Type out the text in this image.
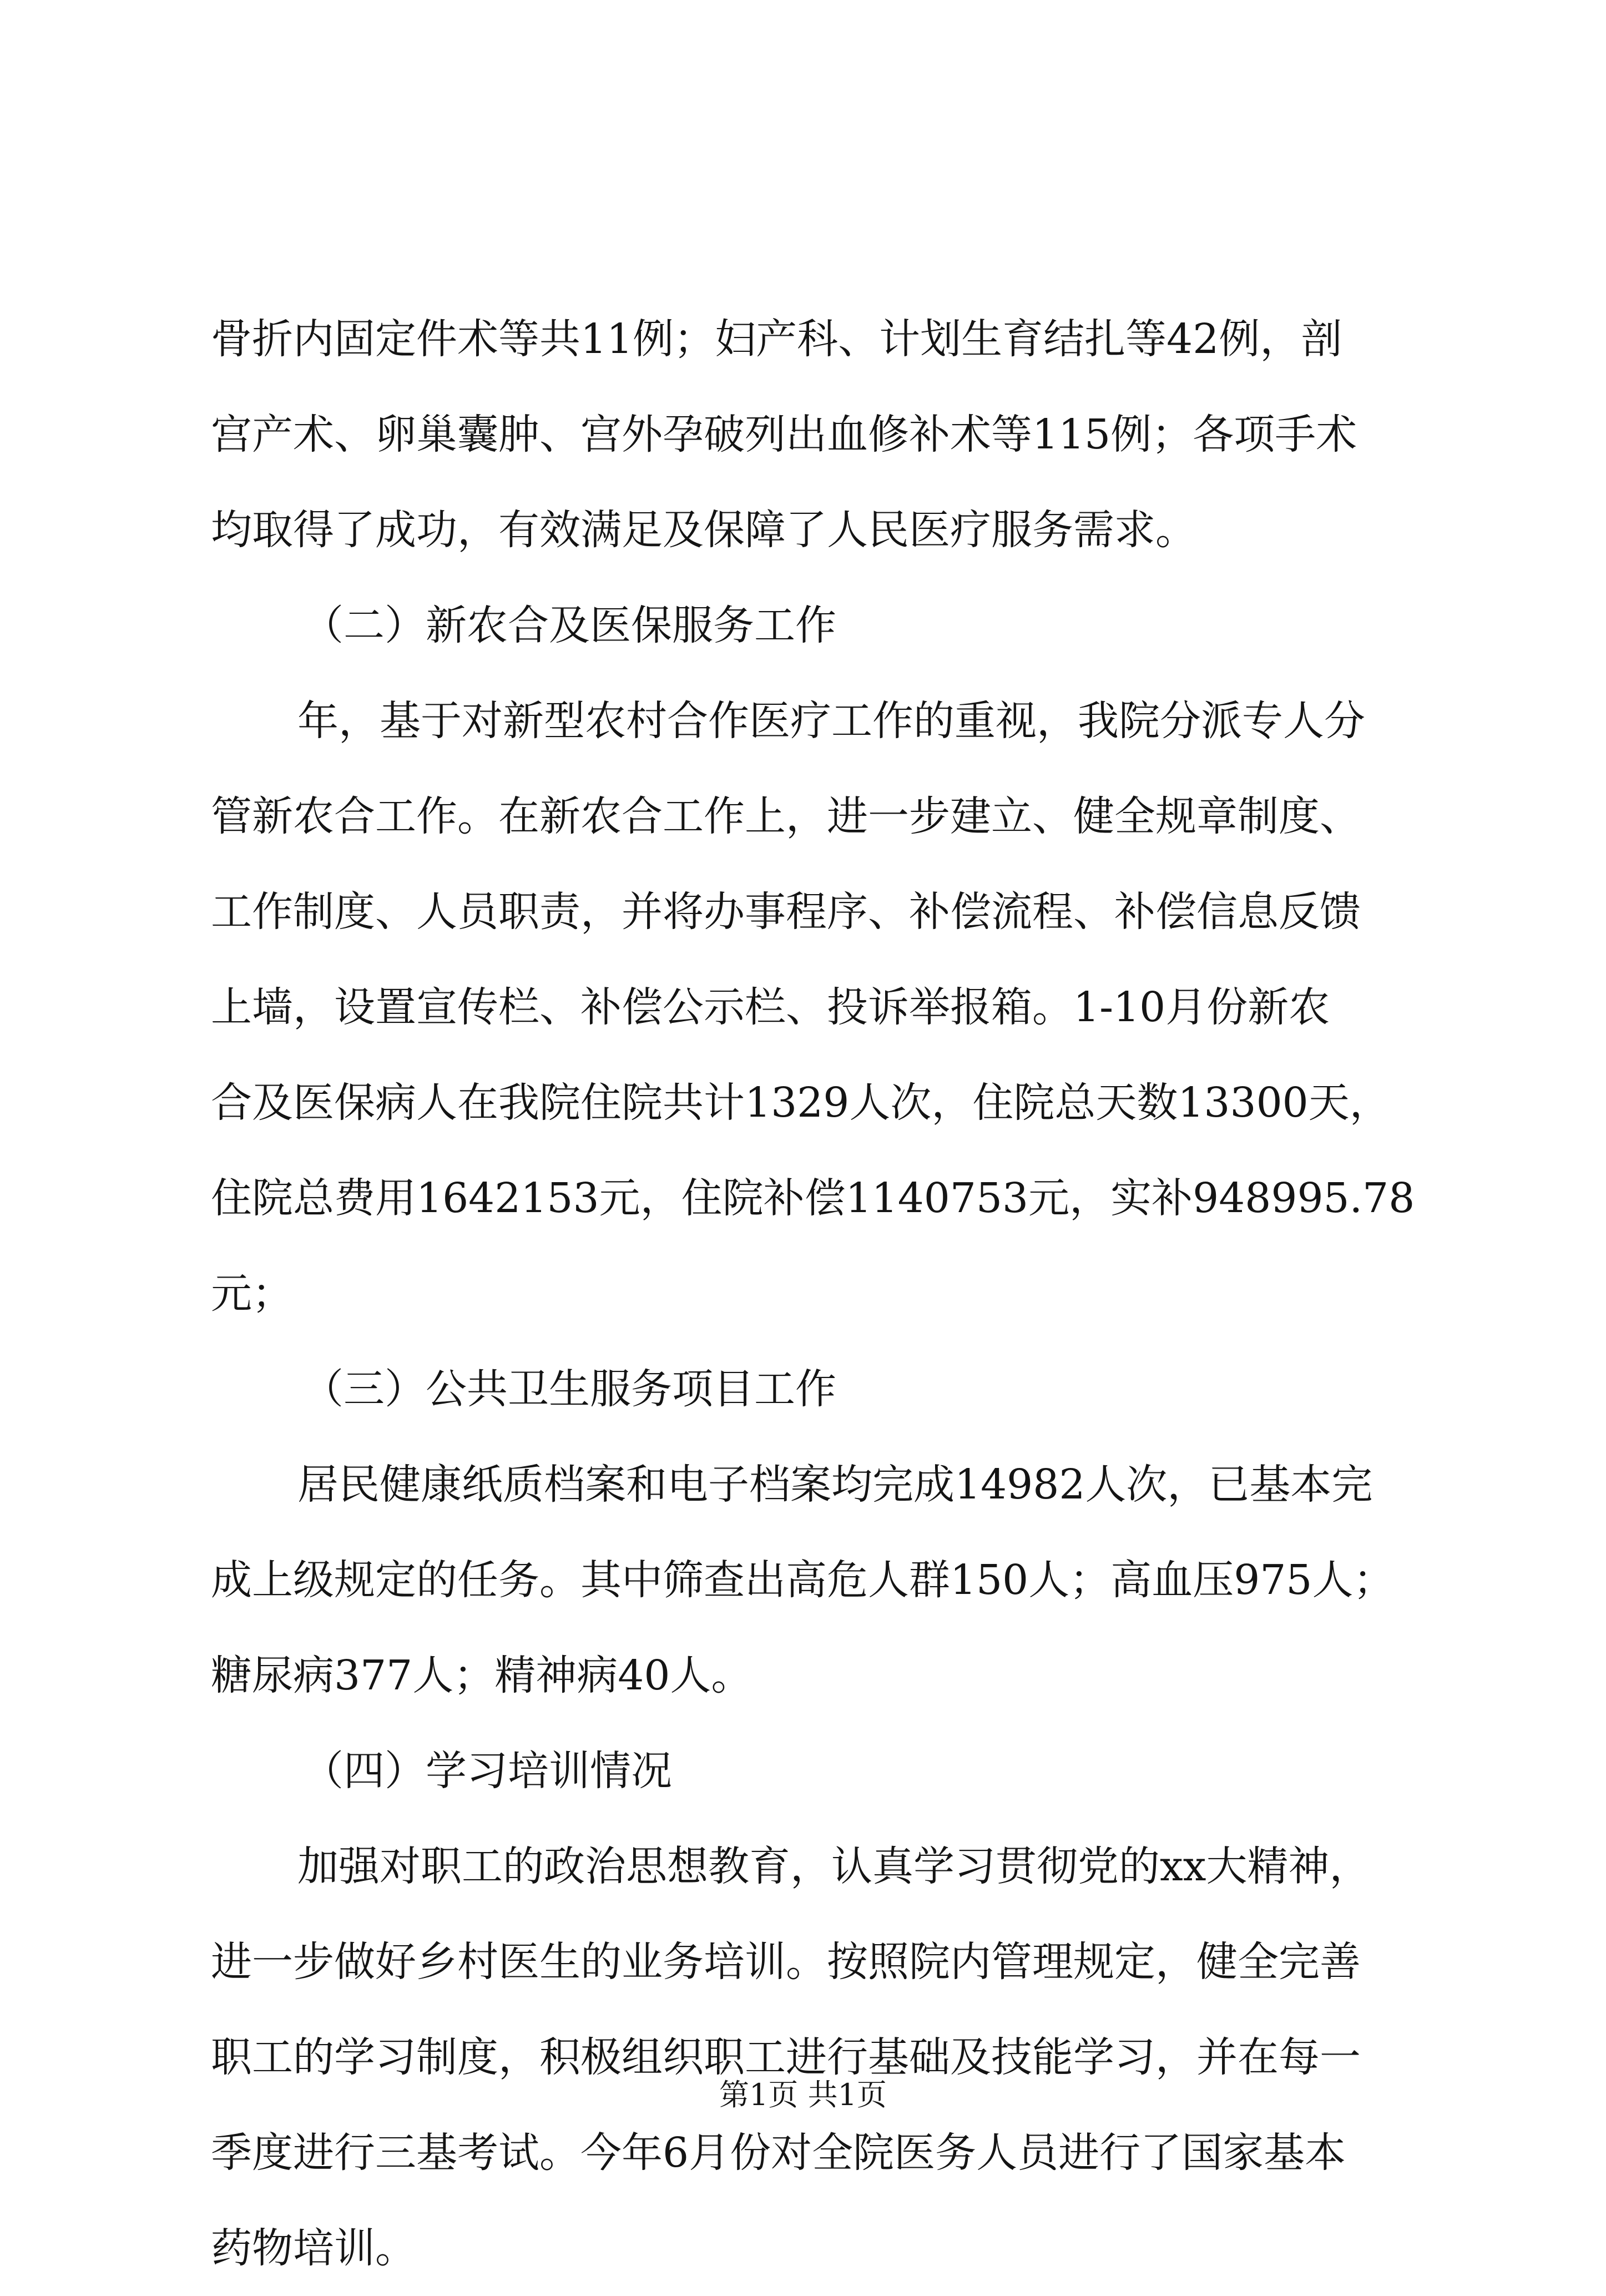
骨折内固定件术等共11例；妇产科、计划生育结扎等42例，剖
宫产术、卵巢囊肿、宫外孕破列出血修补术等115例；各项手术
均取得了成功，有效满足及保障了人民医疗服务需求。
（二）新农合及医保服务工作
年，基于对新型农村合作医疗工作的重视，我院分派专人分
管新农合工作。在新农合工作上，进一步建立、健全规章制度、
工作制度、人员职责，并将办事程序、补偿流程、补偿信息反馈
上墙，设置宣传栏、补偿公示栏、投诉举报箱。1-10月份新农
合及医保病人在我院住院共计1329人次，住院总天数13300天，
住院总费用1642153元，住院补偿1140753元，实补948995.78
元；
（三）公共卫生服务项目工作
居民健康纸质档案和电子档案均完成14982人次，已基本完
成上级规定的任务。其中筛查出高危人群150人；高血压975人；
糖尿病377人；精神病40人。
（四）学习培训情况
加强对职工的政治思想教育，认真学习贯彻党的xx大精神，
进一步做好乡村医生的业务培训。按照院内管理规定，健全完善
职工的学习制度，积极组织职工进行基础及技能学习，并在每一
季度进行三基考试。今年6月份对全院医务人员进行了国家基本
药物培训。
第1页 共1页
